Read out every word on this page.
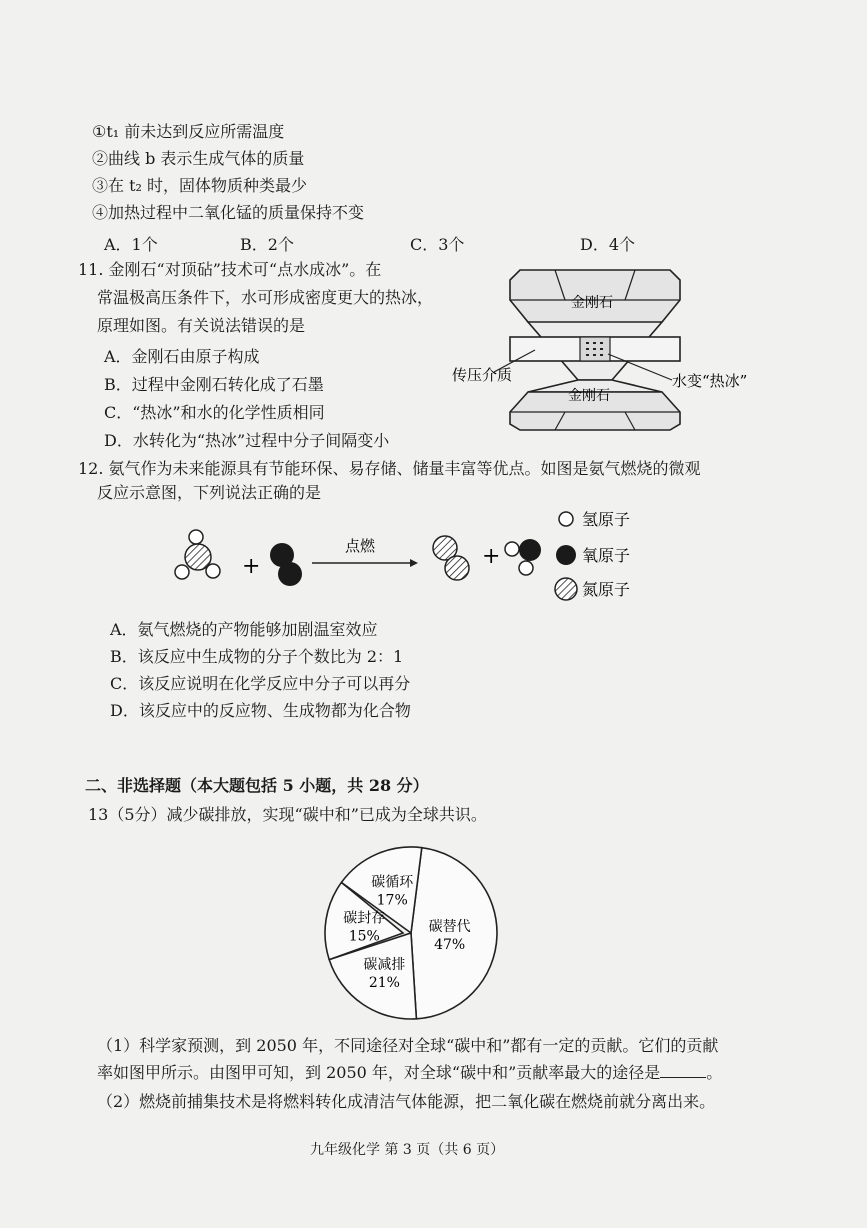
①t₁ 前未达到反应所需温度
②曲线 b 表示生成气体的质量
③在 t₂ 时，固体物质种类最少
④加热过程中二氧化锰的质量保持不变
A．1个	B．2个	C．3个	D．4个
11. 金刚石“对顶砧”技术可“点水成冰”。在
常温极高压条件下，水可形成密度更大的热冰，
原理如图。有关说法错误的是
A．金刚石由原子构成
B．过程中金刚石转化成了石墨
C．“热冰”和水的化学性质相同
D．水转化为“热冰”过程中分子间隔变小
金刚石
金刚石
传压介质	水变“热冰”
12. 氨气作为未来能源具有节能环保、易存储、储量丰富等优点。如图是氨气燃烧的微观
反应示意图，下列说法正确的是
+
点燃	+
氢原子
氧原子
氮原子
A．氨气燃烧的产物能够加剧温室效应
B．该反应中生成物的分子个数比为 2：1
C．该反应说明在化学反应中分子可以再分
D．该反应中的反应物、生成物都为化合物
二、非选择题（本大题包括 5 小题，共 28 分）
13（5分）减少碳排放，实现“碳中和”已成为全球共识。
碳替代
47%
碳减排
21%
碳封存
15%
碳循环
17%
（1）科学家预测，到 2050 年，不同途径对全球“碳中和”都有一定的贡献。它们的贡献
率如图甲所示。由图甲可知，到 2050 年，对全球“碳中和”贡献率最大的途径是	。
（2）燃烧前捕集技术是将燃料转化成清洁气体能源，把二氧化碳在燃烧前就分离出来。
九年级化学 第 3 页（共 6 页）
